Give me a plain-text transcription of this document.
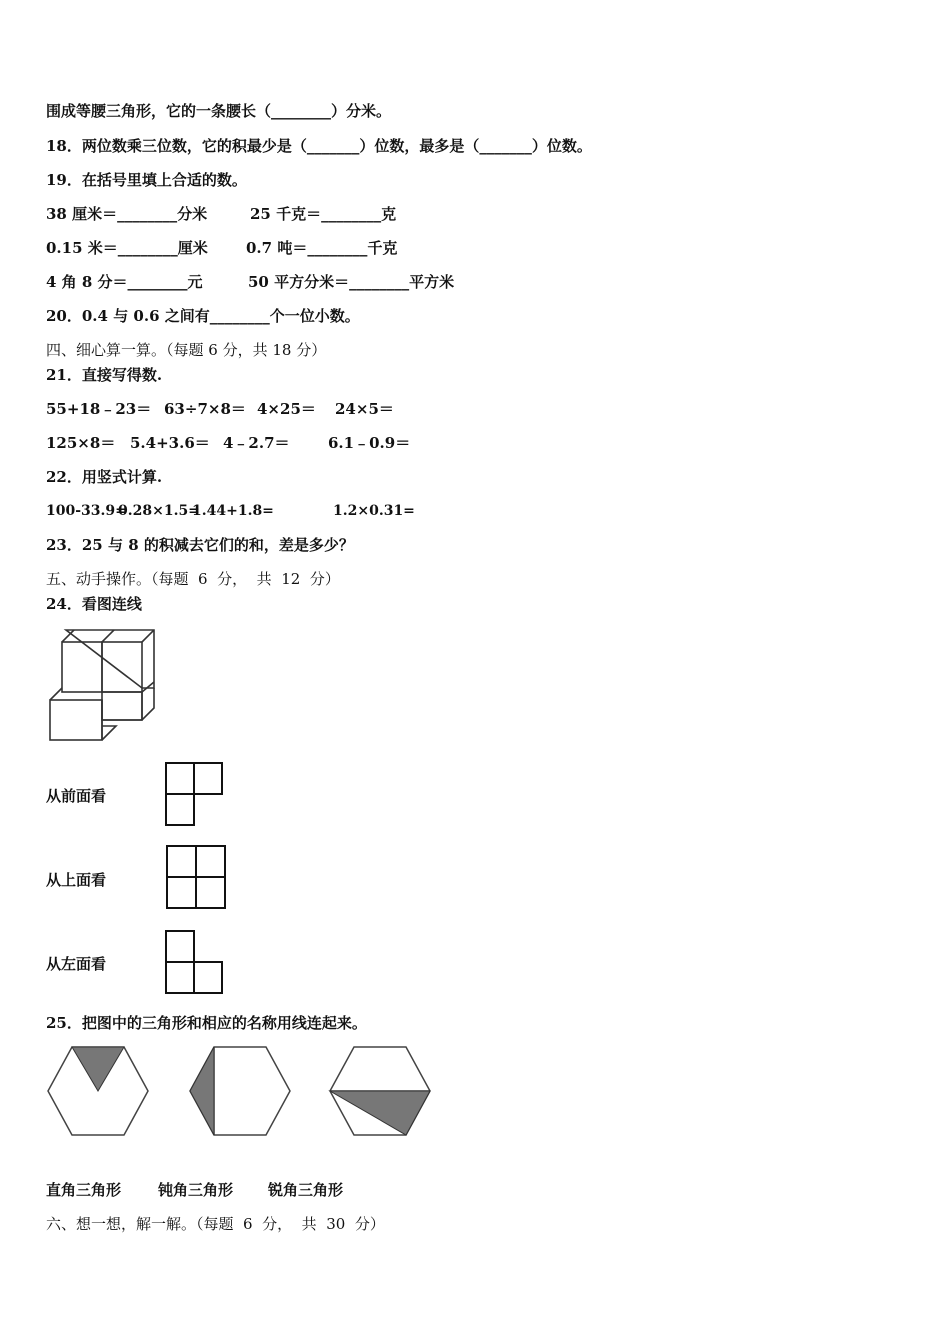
围成等腰三角形，它的一条腰长（________）分米。
18．两位数乘三位数，它的积最少是（_______）位数，最多是（_______）位数。
19．在括号里填上合适的数。
38 厘米＝________分米	25 千克＝________克
0.15 米＝________厘米	0.7 吨＝________千克
4 角 8 分＝________元	50 平方分米＝________平方米
20．0.4 与 0.6 之间有________个一位小数。
四、细心算一算。（每题 6 分，共 18 分）
21．直接写得数.
55+18﹣23＝ 63÷7×8＝ 4×25＝ 24×5＝
125×8＝ 5.4+3.6＝ 4﹣2.7＝	6.1﹣0.9＝
22．用竖式计算.
100-33.9=
0.28×1.5=
1.44+1.8=	1.2×0.31=
23．25 与 8 的积减去它们的和，差是多少？
五、动手操作。（每题  6  分，  共  12  分）
24．看图连线
从前面看
从上面看
从左面看
25．把图中的三角形和相应的名称用线连起来。
直角三角形 钝角三角形 锐角三角形
六、想一想，解一解。（每题  6  分，  共  30  分）
